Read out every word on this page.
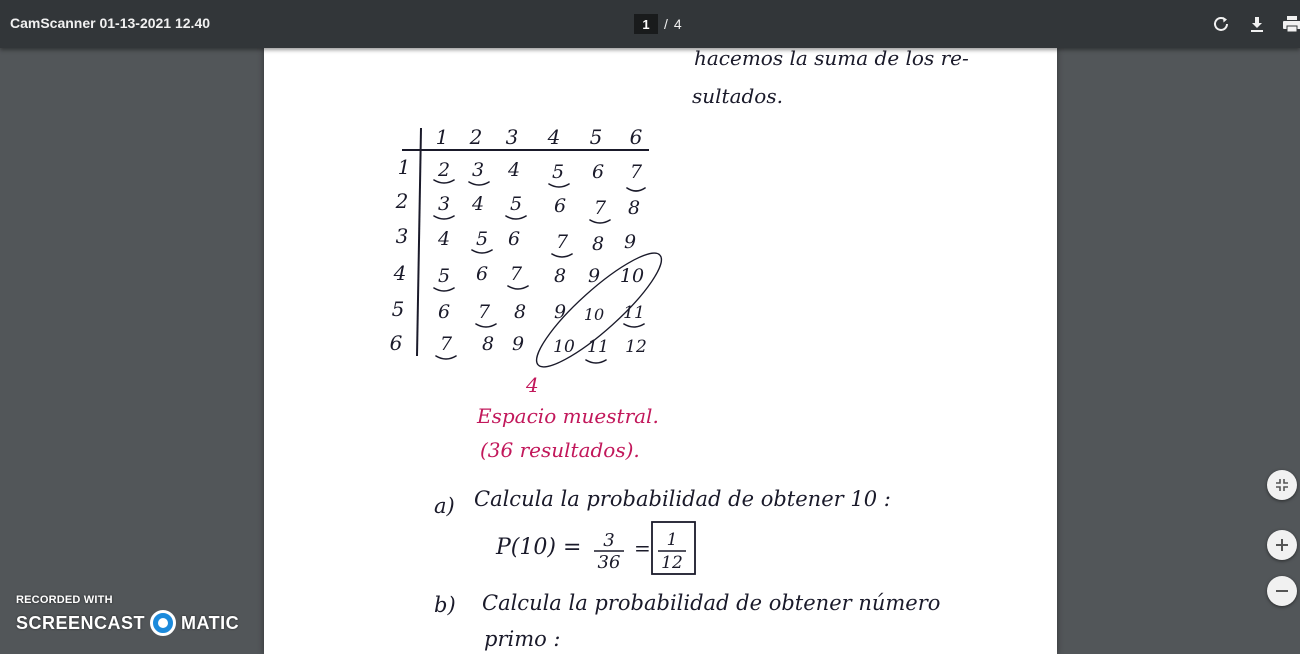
CamScanner 01-13-2021 12.40	1	/ 4
hacemos la suma de los re-
sultados.
1 2 3 4 5 6
1
2
3
4
5
6
2 3 4 5 6 7
3 4 5 6 7 8
4 5 6 7 8 9
5 6 7 8 9 10
6 7 8 9 10 11
7 8 9 10 11 12
4
Espacio muestral.
(36 resultados).
a) Calcula la probabilidad de obtener 10 :
P(10) = 3
36
= 1
12
b) Calcula la probabilidad de obtener número
primo :
RECORDED WITH
SCREENCAST MATIC
